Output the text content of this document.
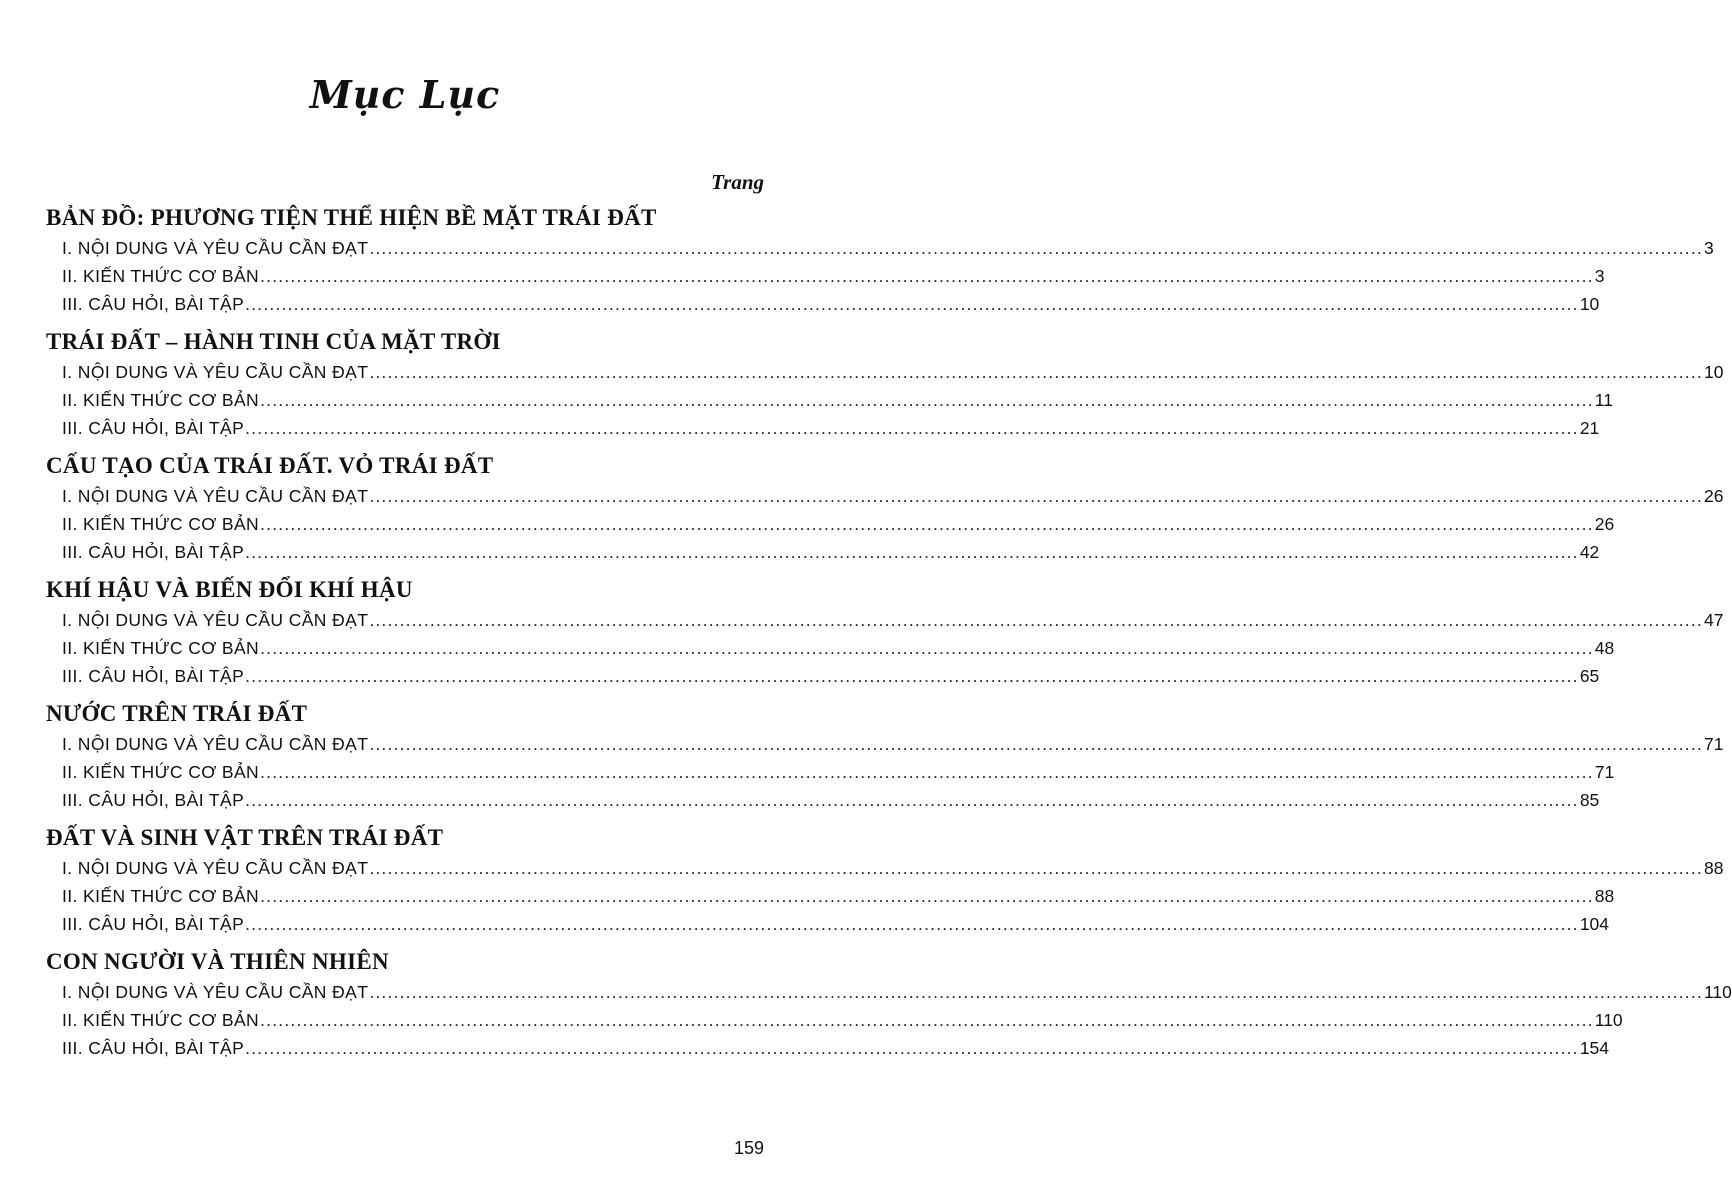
Mục Lục
Trang
BẢN ĐỒ: PHƯƠNG TIỆN THỂ HIỆN BỀ MẶT TRÁI ĐẤT
I. NỘI DUNG VÀ YÊU CẦU CẦN ĐẠT ............................................................................................................................................................................................................................ 3
II. KIẾN THỨC CƠ BẢN ............................................................................................................................................................................................................................ 3
III. CÂU HỎI, BÀI TẬP ............................................................................................................................................................................................................................ 10
TRÁI ĐẤT – HÀNH TINH CỦA MẶT TRỜI
I. NỘI DUNG VÀ YÊU CẦU CẦN ĐẠT ............................................................................................................................................................................................................................ 10
II. KIẾN THỨC CƠ BẢN ............................................................................................................................................................................................................................ 11
III. CÂU HỎI, BÀI TẬP ............................................................................................................................................................................................................................ 21
CẤU TẠO CỦA TRÁI ĐẤT. VỎ TRÁI ĐẤT
I. NỘI DUNG VÀ YÊU CẦU CẦN ĐẠT ............................................................................................................................................................................................................................ 26
II. KIẾN THỨC CƠ BẢN ............................................................................................................................................................................................................................ 26
III. CÂU HỎI, BÀI TẬP ............................................................................................................................................................................................................................ 42
KHÍ HẬU VÀ BIẾN ĐỔI KHÍ HẬU
I. NỘI DUNG VÀ YÊU CẦU CẦN ĐẠT ............................................................................................................................................................................................................................ 47
II. KIẾN THỨC CƠ BẢN ............................................................................................................................................................................................................................ 48
III. CÂU HỎI, BÀI TẬP ............................................................................................................................................................................................................................ 65
NƯỚC TRÊN TRÁI ĐẤT
I. NỘI DUNG VÀ YÊU CẦU CẦN ĐẠT ............................................................................................................................................................................................................................ 71
II. KIẾN THỨC CƠ BẢN ............................................................................................................................................................................................................................ 71
III. CÂU HỎI, BÀI TẬP ............................................................................................................................................................................................................................ 85
ĐẤT VÀ SINH VẬT TRÊN TRÁI ĐẤT
I. NỘI DUNG VÀ YÊU CẦU CẦN ĐẠT ............................................................................................................................................................................................................................ 88
II. KIẾN THỨC CƠ BẢN ............................................................................................................................................................................................................................ 88
III. CÂU HỎI, BÀI TẬP ............................................................................................................................................................................................................................ 104
CON NGƯỜI VÀ THIÊN NHIÊN
I. NỘI DUNG VÀ YÊU CẦU CẦN ĐẠT ............................................................................................................................................................................................................................ 110
II. KIẾN THỨC CƠ BẢN ............................................................................................................................................................................................................................ 110
III. CÂU HỎI, BÀI TẬP ............................................................................................................................................................................................................................ 154
159
